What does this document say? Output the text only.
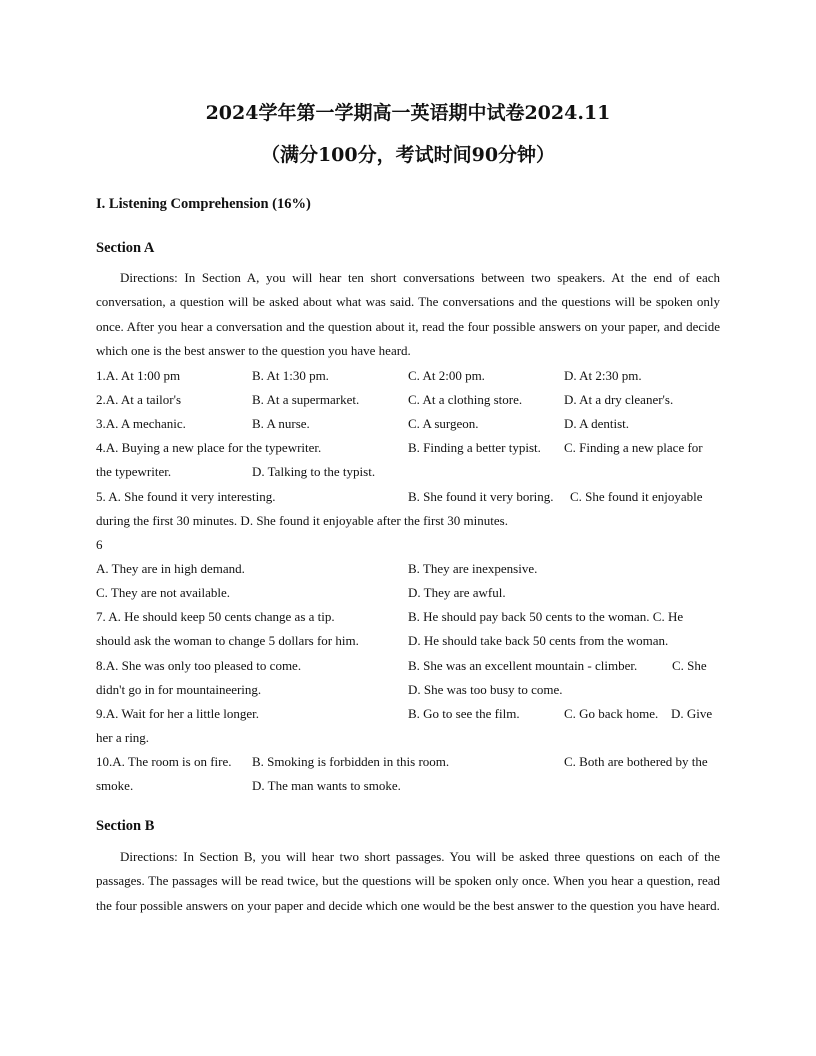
2024学年第一学期高一英语期中试卷2024.11
（满分100分，考试时间90分钟）
I. Listening Comprehension (16%)
Section A
Directions: In Section A, you will hear ten short conversations between two speakers. At the end of each conversation, a question will be asked about what was said. The conversations and the questions will be spoken only once. After you hear a conversation and the question about it, read the four possible answers on your paper, and decide which one is the best answer to the question you have heard.
1.A. At 1:00 pm	B. At 1:30 pm.	C. At 2:00 pm.	D. At 2:30 pm.
2.A. At a tailor's	B. At a supermarket.	C. At a clothing store.	D. At a dry cleaner's.
3.A. A mechanic.	B. A nurse.	C. A surgeon.	D. A dentist.
4.A. Buying a new place for the typewriter.	B. Finding a better typist. C. Finding a new place for
the typewriter.	D. Talking to the typist.
5. A. She found it very interesting.	B. She found it very boring. C. She found it enjoyable
during the first 30 minutes. D. She found it enjoyable after the first 30 minutes.
6
A. They are in high demand.	B. They are inexpensive.
C. They are not available.	D. They are awful.
7. A. He should keep 50 cents change as a tip.	B. He should pay back 50 cents to the woman. C. He
should ask the woman to change 5 dollars for him.	D. He should take back 50 cents from the woman.
8.A. She was only too pleased to come.	B. She was an excellent mountain - climber.	C. She
didn't go in for mountaineering.	D. She was too busy to come.
9.A. Wait for her a little longer.	B. Go to see the film.	C. Go back home. D. Give
her a ring.
10.A. The room is on fire. B. Smoking is forbidden in this room.	C. Both are bothered by the
smoke.	D. The man wants to smoke.
Section B
Directions: In Section B, you will hear two short passages. You will be asked three questions on each of the passages. The passages will be read twice, but the questions will be spoken only once. When you hear a question, read the four possible answers on your paper and decide which one would be the best answer to the question you have heard.
